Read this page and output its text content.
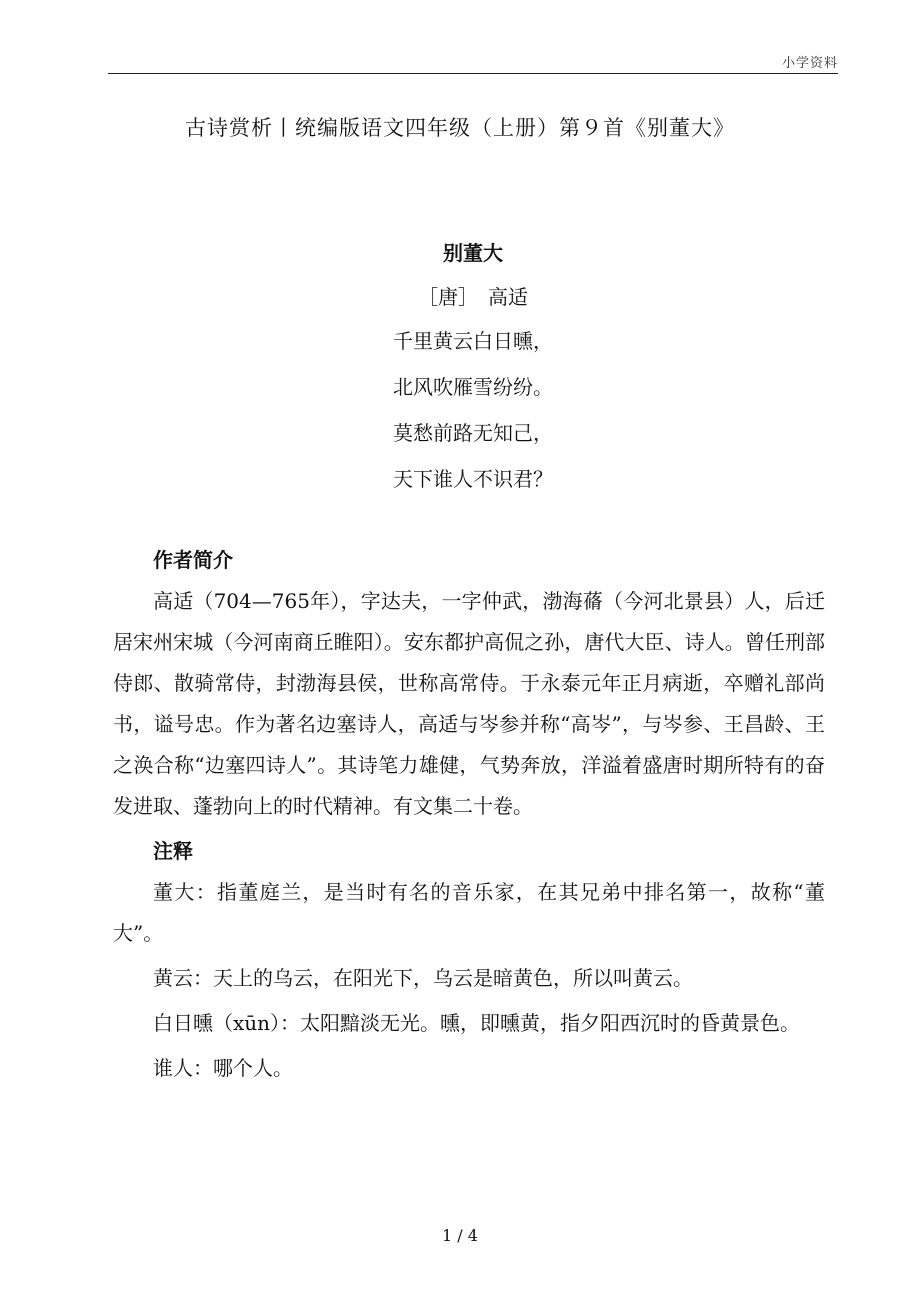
小学资料
古诗赏析丨统编版语文四年级（上册）第９首《别董大》
别董大
［唐］　高适
千里黄云白日曛，
北风吹雁雪纷纷。
莫愁前路无知己，
天下谁人不识君？

作者简介

高适（704—765年），字达夫，一字仲武，渤海蓨（今河北景县）人，后迁居宋州宋城（今河南商丘睢阳）。安东都护高侃之孙，唐代大臣、诗人。曾任刑部侍郎、散骑常侍，封渤海县侯，世称高常侍。于永泰元年正月病逝，卒赠礼部尚书，谥号忠。作为著名边塞诗人，高适与岑参并称“高岑”，与岑参、王昌龄、王之涣合称“边塞四诗人”。其诗笔力雄健，气势奔放，洋溢着盛唐时期所特有的奋发进取、蓬勃向上的时代精神。有文集二十卷。

注释

董大：指董庭兰，是当时有名的音乐家，在其兄弟中排名第一，故称“董大”。

黄云：天上的乌云，在阳光下，乌云是暗黄色，所以叫黄云。

白日曛（xūn）：太阳黯淡无光。曛，即曛黄，指夕阳西沉时的昏黄景色。

谁人：哪个人。

1 / 4
